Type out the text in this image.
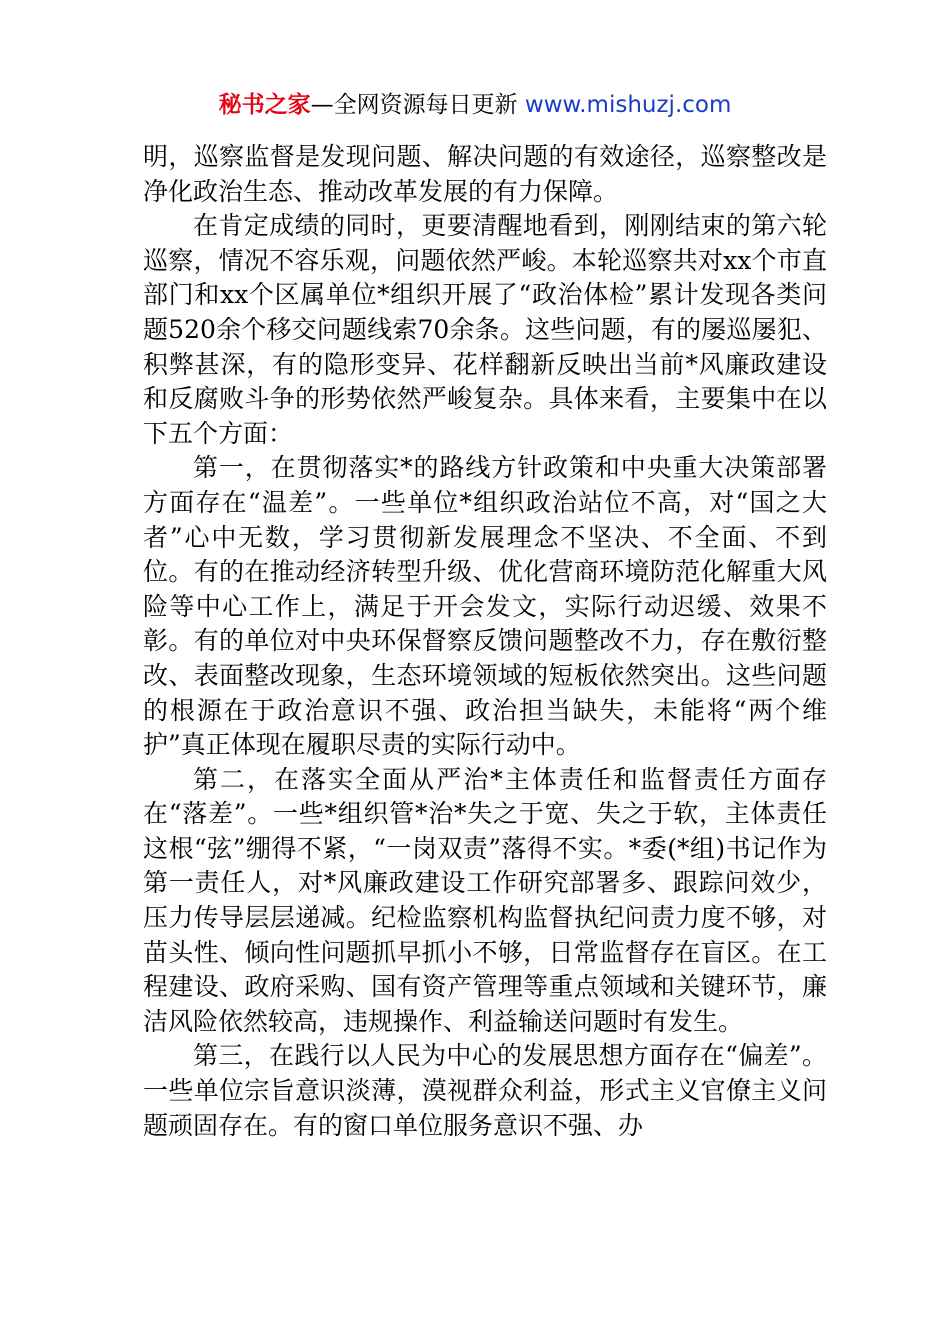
秘书之家—全网资源每日更新 www.mishuzj.com

明，巡察监督是发现问题、解决问题的有效途径，巡察整改是净化政治生态、推动改革发展的有力保障。

在肯定成绩的同时，更要清醒地看到，刚刚结束的第六轮巡察，情况不容乐观，问题依然严峻。本轮巡察共对xx个市直部门和xx个区属单位*组织开展了“政治体检”累计发现各类问题520余个移交问题线索70余条。这些问题，有的屡巡屡犯、积弊甚深，有的隐形变异、花样翻新反映出当前*风廉政建设和反腐败斗争的形势依然严峻复杂。具体来看，主要集中在以下五个方面：

第一，在贯彻落实*的路线方针政策和中央重大决策部署方面存在“温差”。一些单位*组织政治站位不高，对“国之大者”心中无数，学习贯彻新发展理念不坚决、不全面、不到位。有的在推动经济转型升级、优化营商环境防范化解重大风险等中心工作上，满足于开会发文，实际行动迟缓、效果不彰。有的单位对中央环保督察反馈问题整改不力，存在敷衍整改、表面整改现象，生态环境领域的短板依然突出。这些问题的根源在于政治意识不强、政治担当缺失，未能将“两个维护”真正体现在履职尽责的实际行动中。

第二，在落实全面从严治*主体责任和监督责任方面存在“落差”。一些*组织管*治*失之于宽、失之于软，主体责任这根“弦”绷得不紧，“一岗双责”落得不实。*委(*组)书记作为第一责任人，对*风廉政建设工作研究部署多、跟踪问效少，压力传导层层递减。纪检监察机构监督执纪问责力度不够，对苗头性、倾向性问题抓早抓小不够，日常监督存在盲区。在工程建设、政府采购、国有资产管理等重点领域和关键环节，廉洁风险依然较高，违规操作、利益输送问题时有发生。

第三，在践行以人民为中心的发展思想方面存在“偏差”。一些单位宗旨意识淡薄，漠视群众利益，形式主义官僚主义问题顽固存在。有的窗口单位服务意识不强、办
